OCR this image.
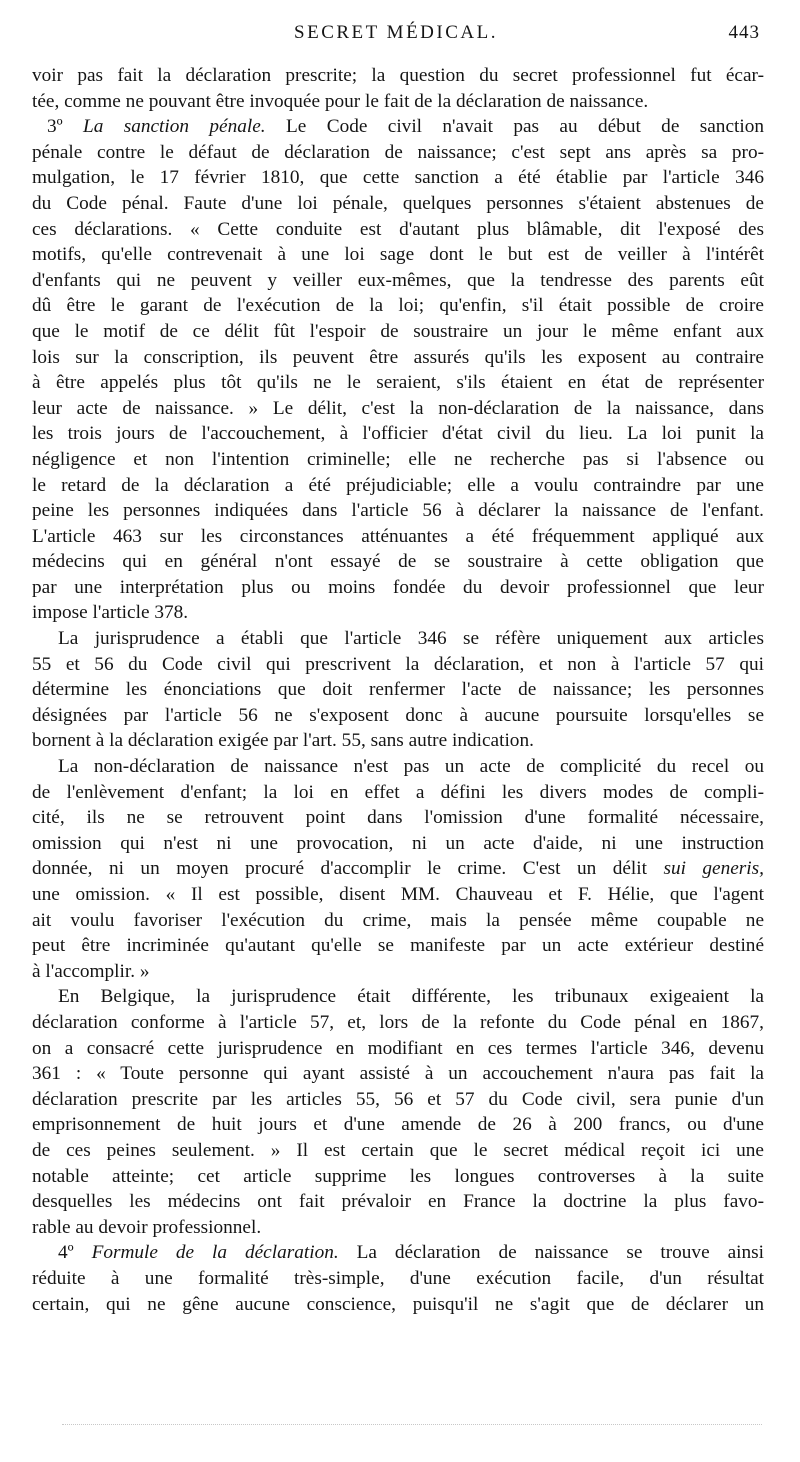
SECRET MÉDICAL.	443
voir pas fait la déclaration prescrite; la question du secret professionnel fut écar-
tée, comme ne pouvant être invoquée pour le fait de la déclaration de naissance.
3º La sanction pénale. Le Code civil n'avait pas au début de sanction
pénale contre le défaut de déclaration de naissance; c'est sept ans après sa pro-
mulgation, le 17 février 1810, que cette sanction a été établie par l'article 346
du Code pénal. Faute d'une loi pénale, quelques personnes s'étaient abstenues de
ces déclarations. « Cette conduite est d'autant plus blâmable, dit l'exposé des
motifs, qu'elle contrevenait à une loi sage dont le but est de veiller à l'intérêt
d'enfants qui ne peuvent y veiller eux-mêmes, que la tendresse des parents eût
dû être le garant de l'exécution de la loi; qu'enfin, s'il était possible de croire
que le motif de ce délit fût l'espoir de soustraire un jour le même enfant aux
lois sur la conscription, ils peuvent être assurés qu'ils les exposent au contraire
à être appelés plus tôt qu'ils ne le seraient, s'ils étaient en état de représenter
leur acte de naissance. » Le délit, c'est la non-déclaration de la naissance, dans
les trois jours de l'accouchement, à l'officier d'état civil du lieu. La loi punit la
négligence et non l'intention criminelle; elle ne recherche pas si l'absence ou
le retard de la déclaration a été préjudiciable; elle a voulu contraindre par une
peine les personnes indiquées dans l'article 56 à déclarer la naissance de l'enfant.
L'article 463 sur les circonstances atténuantes a été fréquemment appliqué aux
médecins qui en général n'ont essayé de se soustraire à cette obligation que
par une interprétation plus ou moins fondée du devoir professionnel que leur
impose l'article 378.
La jurisprudence a établi que l'article 346 se réfère uniquement aux articles
55 et 56 du Code civil qui prescrivent la déclaration, et non à l'article 57 qui
détermine les énonciations que doit renfermer l'acte de naissance; les personnes
désignées par l'article 56 ne s'exposent donc à aucune poursuite lorsqu'elles se
bornent à la déclaration exigée par l'art. 55, sans autre indication.
La non-déclaration de naissance n'est pas un acte de complicité du recel ou
de l'enlèvement d'enfant; la loi en effet a défini les divers modes de compli-
cité, ils ne se retrouvent point dans l'omission d'une formalité nécessaire,
omission qui n'est ni une provocation, ni un acte d'aide, ni une instruction
donnée, ni un moyen procuré d'accomplir le crime. C'est un délit sui generis,
une omission. « Il est possible, disent MM. Chauveau et F. Hélie, que l'agent
ait voulu favoriser l'exécution du crime, mais la pensée même coupable ne
peut être incriminée qu'autant qu'elle se manifeste par un acte extérieur destiné
à l'accomplir. »
En Belgique, la jurisprudence était différente, les tribunaux exigeaient la
déclaration conforme à l'article 57, et, lors de la refonte du Code pénal en 1867,
on a consacré cette jurisprudence en modifiant en ces termes l'article 346, devenu
361 : « Toute personne qui ayant assisté à un accouchement n'aura pas fait la
déclaration prescrite par les articles 55, 56 et 57 du Code civil, sera punie d'un
emprisonnement de huit jours et d'une amende de 26 à 200 francs, ou d'une
de ces peines seulement. » Il est certain que le secret médical reçoit ici une
notable atteinte; cet article supprime les longues controverses à la suite
desquelles les médecins ont fait prévaloir en France la doctrine la plus favo-
rable au devoir professionnel.
4º Formule de la déclaration. La déclaration de naissance se trouve ainsi
réduite à une formalité très-simple, d'une exécution facile, d'un résultat
certain, qui ne gêne aucune conscience, puisqu'il ne s'agit que de déclarer un
